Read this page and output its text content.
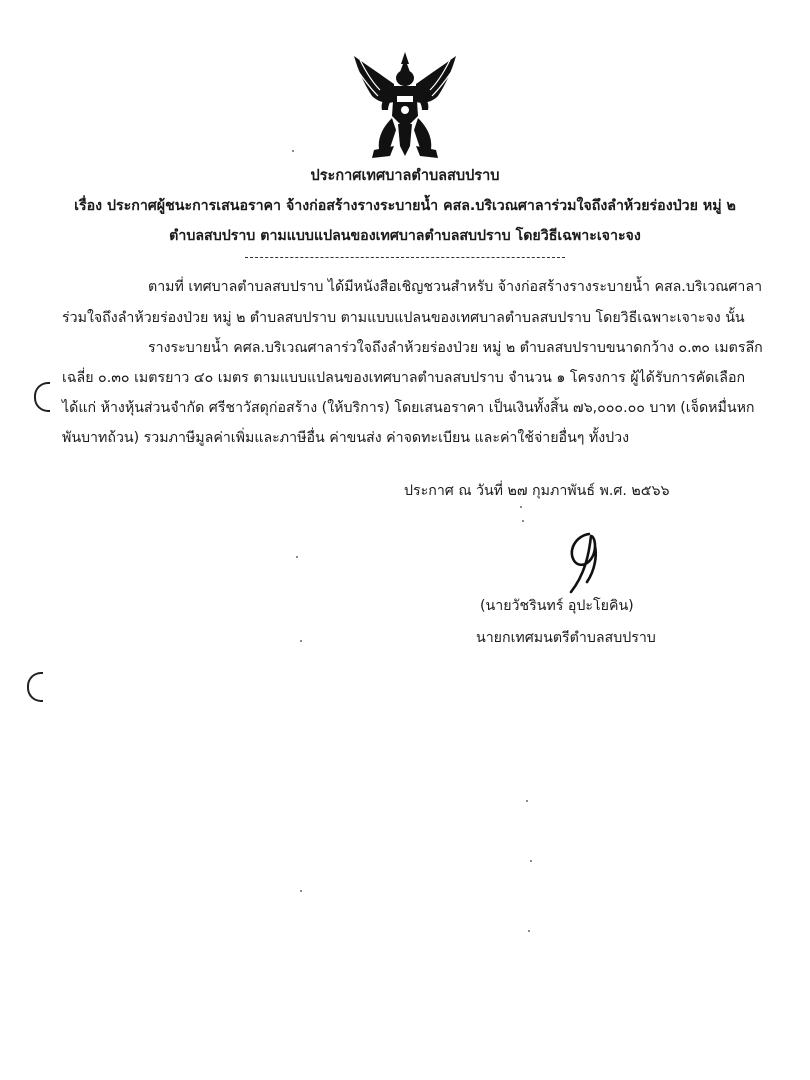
ประกาศเทศบาลตำบลสบปราบ
เรื่อง ประกาศผู้ชนะการเสนอราคา จ้างก่อสร้างรางระบายน้ำ คสล.บริเวณศาลาร่วมใจถึงลำห้วยร่องป่วย หมู่ ๒
ตำบลสบปราบ ตามแบบแปลนของเทศบาลตำบลสบปราบ โดยวิธีเฉพาะเจาะจง
ตามที่ เทศบาลตำบลสบปราบ ได้มีหนังสือเชิญชวนสำหรับ จ้างก่อสร้างรางระบายน้ำ คสล.บริเวณศาลา
ร่วมใจถึงลำห้วยร่องป่วย หมู่ ๒ ตำบลสบปราบ ตามแบบแปลนของเทศบาลตำบลสบปราบ โดยวิธีเฉพาะเจาะจง นั้น
รางระบายน้ำ คศล.บริเวณศาลาร่วใจถึงลำห้วยร่องป่วย หมู่ ๒ ตำบลสบปราบขนาดกว้าง ๐.๓๐ เมตรลึก
เฉลี่ย ๐.๓๐ เมตรยาว ๔๐ เมตร ตามแบบแปลนของเทศบาลตำบลสบปราบ จำนวน ๑ โครงการ ผู้ได้รับการคัดเลือก
ได้แก่ ห้างหุ้นส่วนจำกัด ศรีชาวัสดุก่อสร้าง (ให้บริการ) โดยเสนอราคา เป็นเงินทั้งสิ้น ๗๖,๐๐๐.๐๐ บาท (เจ็ดหมื่นหก
พันบาทถ้วน) รวมภาษีมูลค่าเพิ่มและภาษีอื่น ค่าขนส่ง ค่าจดทะเบียน และค่าใช้จ่ายอื่นๆ ทั้งปวง
ประกาศ ณ วันที่ ๒๗ กุมภาพันธ์ พ.ศ. ๒๕๖๖
(นายวัชรินทร์ อุปะโยคิน)
นายกเทศมนตรีตำบลสบปราบ
